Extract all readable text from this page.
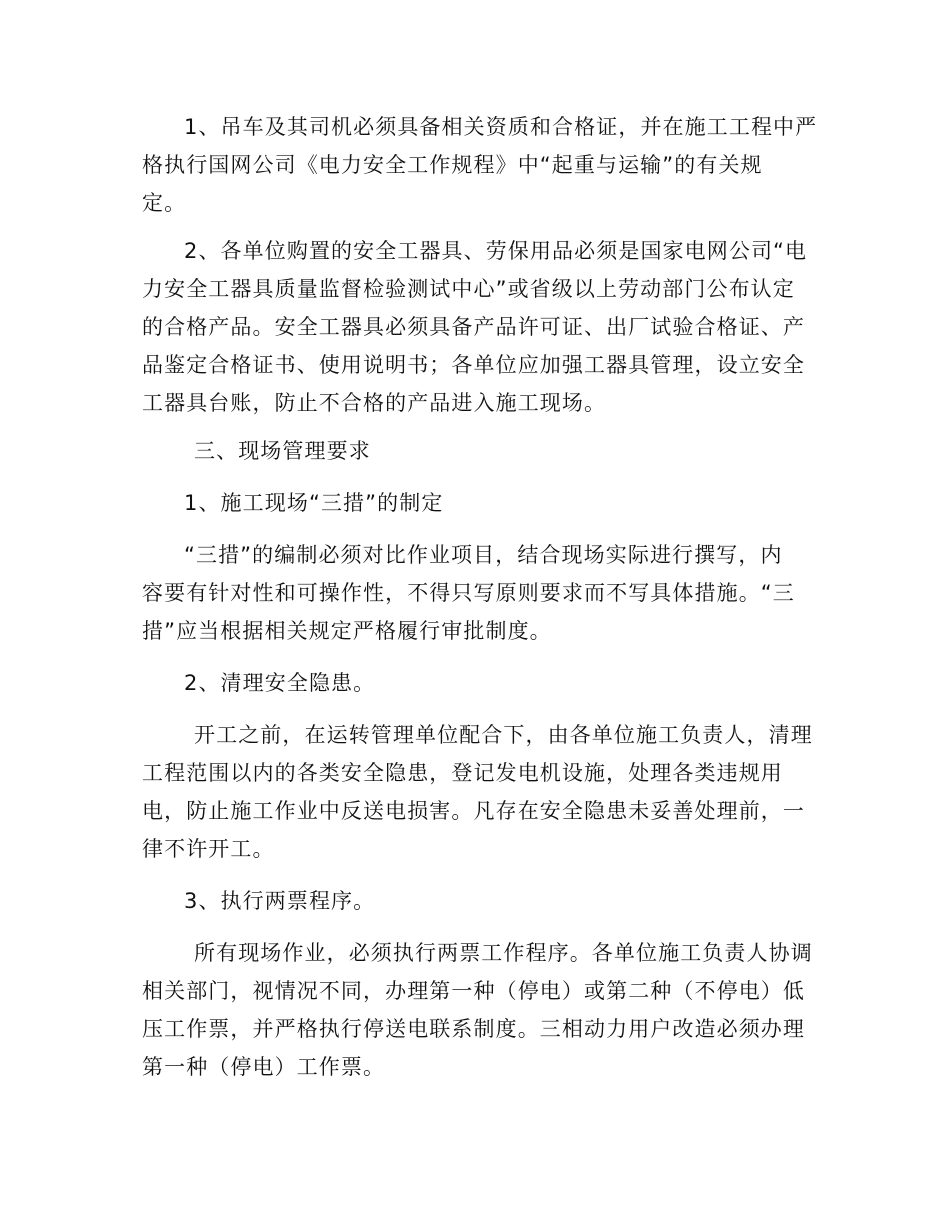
1、吊车及其司机必须具备相关资质和合格证，并在施工工程中严
格执行国网公司《电力安全工作规程》中“起重与运输”的有关规
定。

2、各单位购置的安全工器具、劳保用品必须是国家电网公司“电
力安全工器具质量监督检验测试中心”或省级以上劳动部门公布认定
的合格产品。安全工器具必须具备产品许可证、出厂试验合格证、产
品鉴定合格证书、使用说明书；各单位应加强工器具管理，设立安全
工器具台账，防止不合格的产品进入施工现场。

三、现场管理要求

1、施工现场“三措”的制定

“三措”的编制必须对比作业项目，结合现场实际进行撰写，内
容要有针对性和可操作性，不得只写原则要求而不写具体措施。“三
措”应当根据相关规定严格履行审批制度。

2、清理安全隐患。

开工之前，在运转管理单位配合下，由各单位施工负责人，清理
工程范围以内的各类安全隐患，登记发电机设施，处理各类违规用
电，防止施工作业中反送电损害。凡存在安全隐患未妥善处理前，一
律不许开工。

3、执行两票程序。

所有现场作业，必须执行两票工作程序。各单位施工负责人协调
相关部门，视情况不同，办理第一种（停电）或第二种（不停电）低
压工作票，并严格执行停送电联系制度。三相动力用户改造必须办理
第一种（停电）工作票。
